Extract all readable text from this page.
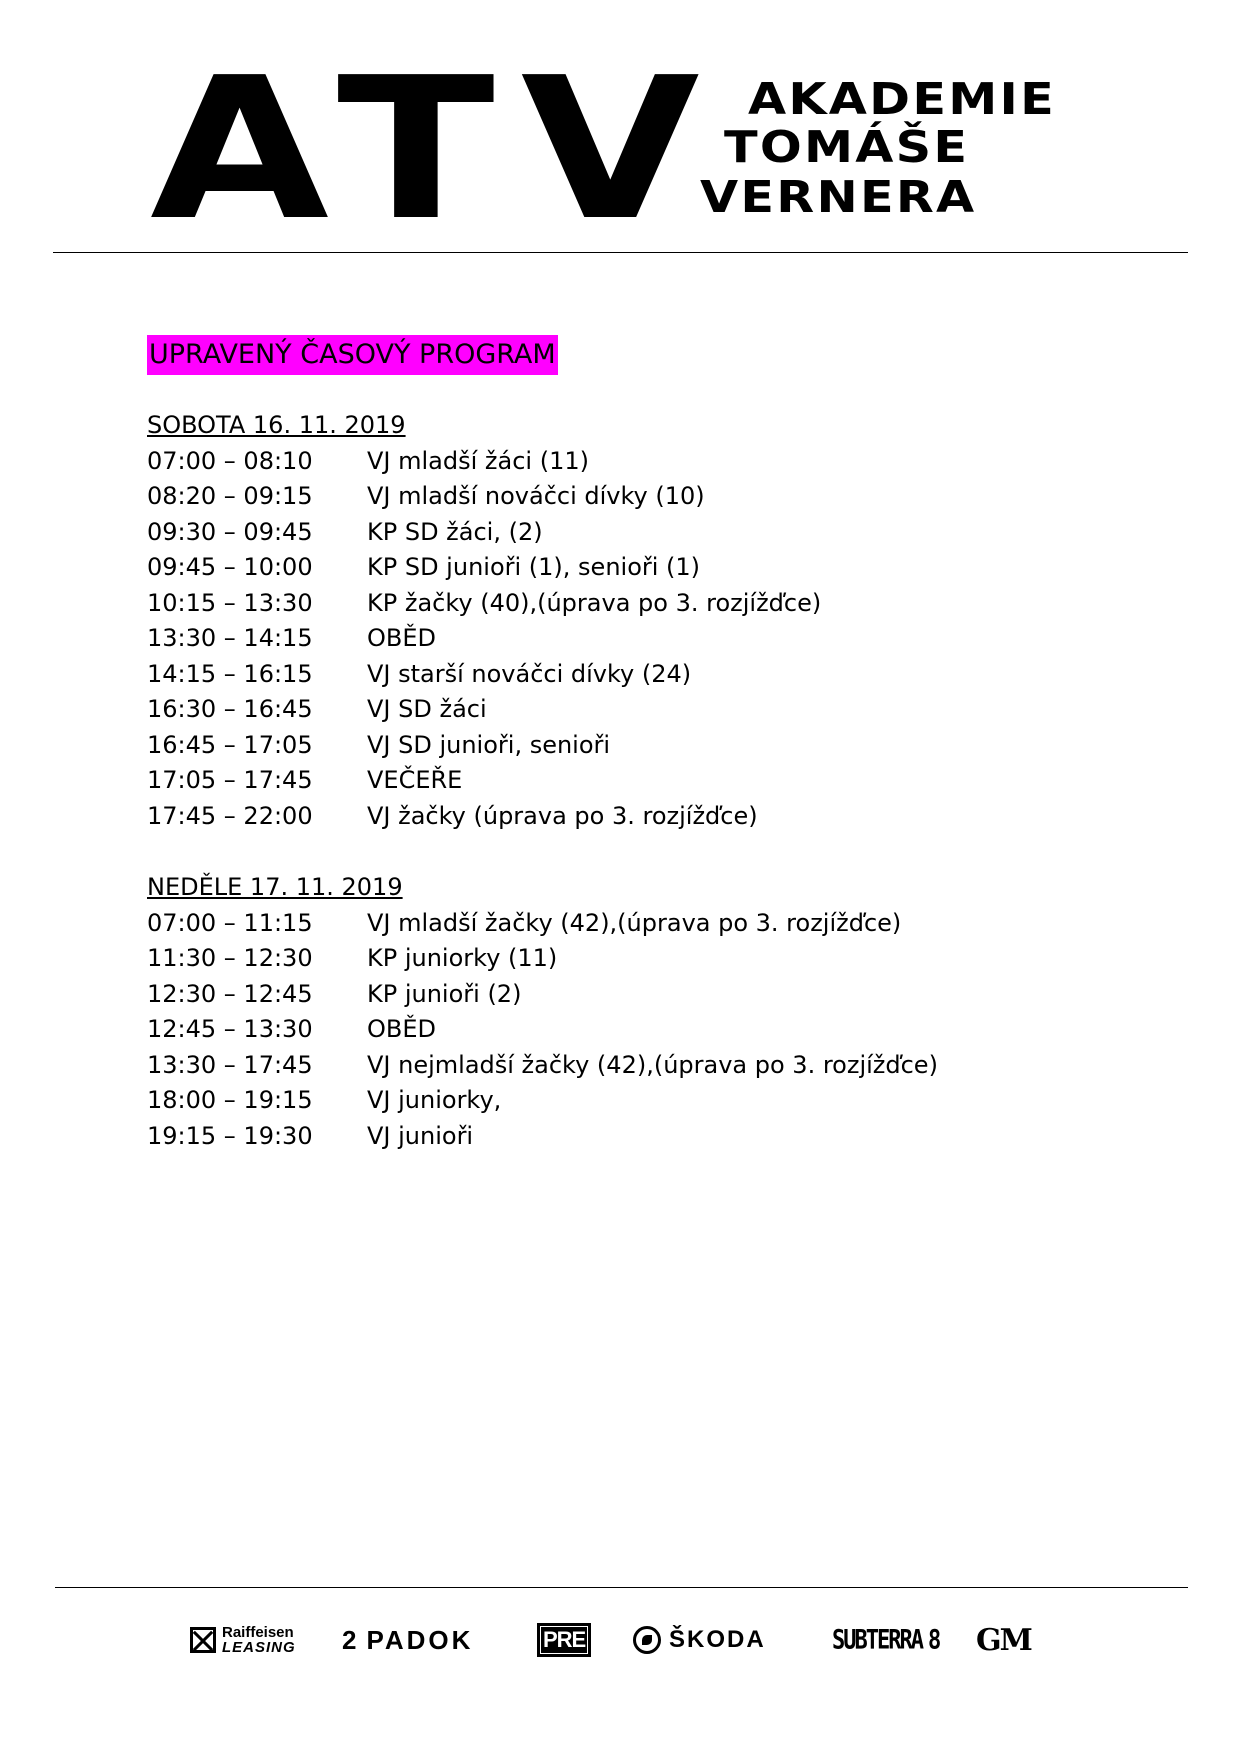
ATV AKADEMIE
TOMÁŠE
VERNERA
UPRAVENÝ ČASOVÝ PROGRAM
SOBOTA 16. 11. 2019
07:00 – 08:10	VJ mladší žáci (11)
08:20 – 09:15	VJ mladší nováčci dívky (10)
09:30 – 09:45	KP SD žáci, (2)
09:45 – 10:00	KP SD junioři (1), senioři (1)
10:15 – 13:30	KP žačky (40),(úprava po 3. rozjížďce)
13:30 – 14:15	OBĚD
14:15 – 16:15	VJ starší nováčci dívky (24)
16:30 – 16:45	VJ SD žáci
16:45 – 17:05	VJ SD junioři, senioři
17:05 – 17:45	VEČEŘE
17:45 – 22:00	VJ žačky (úprava po 3. rozjížďce)
NEDĚLE 17. 11. 2019
07:00 – 11:15	VJ mladší žačky (42),(úprava po 3. rozjížďce)
11:30 – 12:30	KP juniorky (11)
12:30 – 12:45	KP junioři (2)
12:45 – 13:30	OBĚD
13:30 – 17:45	VJ nejmladší žačky (42),(úprava po 3. rozjížďce)
18:00 – 19:15	VJ juniorky,
19:15 – 19:30	VJ junioři
Raiffeisen
LEASING 2 PADOK	PRE	ŠKODA	SUBTERRA 8 GM
